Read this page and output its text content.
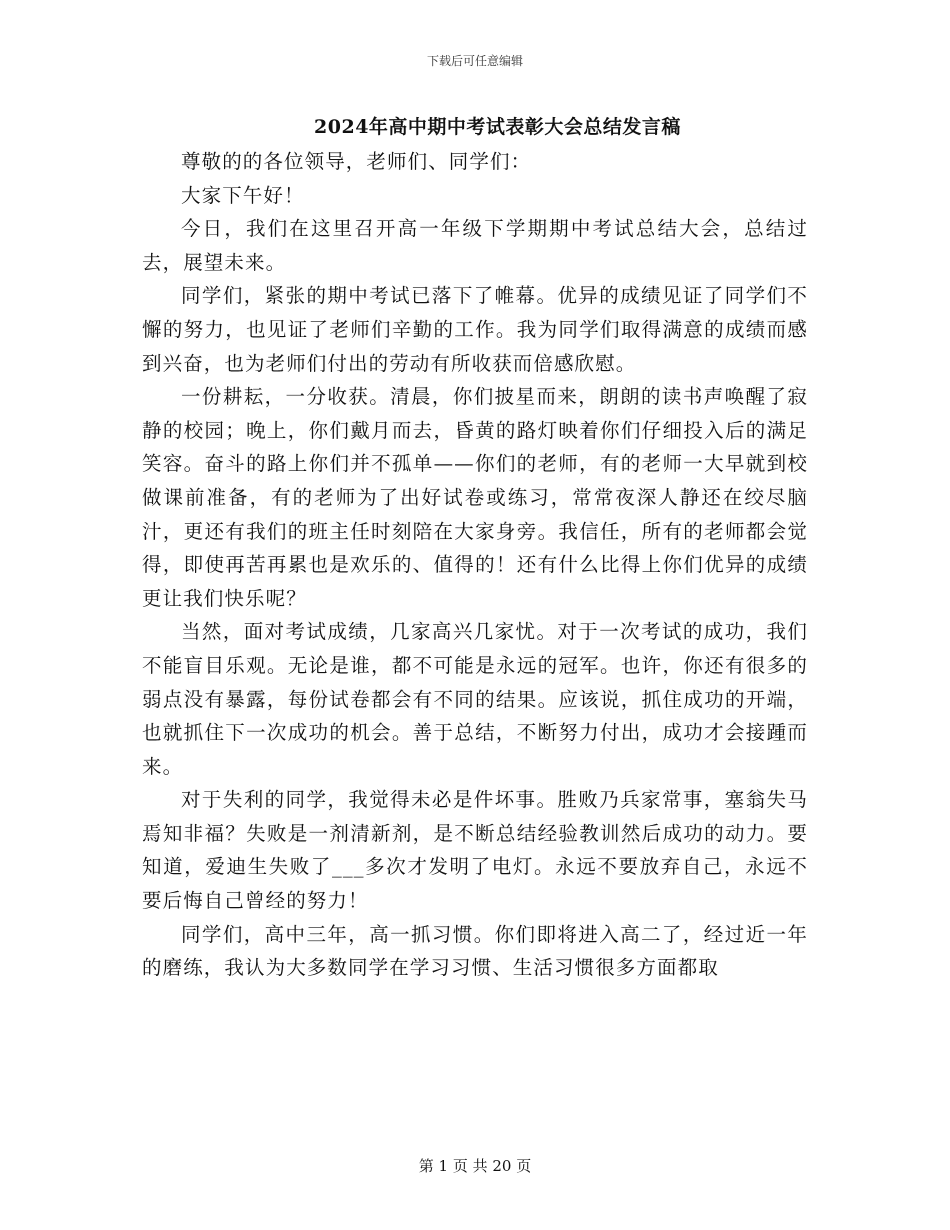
下载后可任意编辑
2024年高中期中考试表彰大会总结发言稿

尊敬的的各位领导，老师们、同学们：

大家下午好！

今日，我们在这里召开高一年级下学期期中考试总结大会，总结过去，展望未来。

同学们，紧张的期中考试已落下了帷幕。优异的成绩见证了同学们不懈的努力，也见证了老师们辛勤的工作。我为同学们取得满意的成绩而感到兴奋，也为老师们付出的劳动有所收获而倍感欣慰。

一份耕耘，一分收获。清晨，你们披星而来，朗朗的读书声唤醒了寂静的校园；晚上，你们戴月而去，昏黄的路灯映着你们仔细投入后的满足笑容。奋斗的路上你们并不孤单——你们的老师，有的老师一大早就到校做课前准备，有的老师为了出好试卷或练习，常常夜深人静还在绞尽脑汁，更还有我们的班主任时刻陪在大家身旁。我信任，所有的老师都会觉得，即使再苦再累也是欢乐的、值得的！还有什么比得上你们优异的成绩更让我们快乐呢？

当然，面对考试成绩，几家高兴几家忧。对于一次考试的成功，我们不能盲目乐观。无论是谁，都不可能是永远的冠军。也许，你还有很多的弱点没有暴露，每份试卷都会有不同的结果。应该说，抓住成功的开端，也就抓住下一次成功的机会。善于总结，不断努力付出，成功才会接踵而来。

对于失利的同学，我觉得未必是件坏事。胜败乃兵家常事，塞翁失马焉知非福？失败是一剂清新剂，是不断总结经验教训然后成功的动力。要知道，爱迪生失败了___多次才发明了电灯。永远不要放弃自己，永远不要后悔自己曾经的努力！

同学们，高中三年，高一抓习惯。你们即将进入高二了，经过近一年的磨练，我认为大多数同学在学习习惯、生活习惯很多方面都取

第 1 页 共 20 页
